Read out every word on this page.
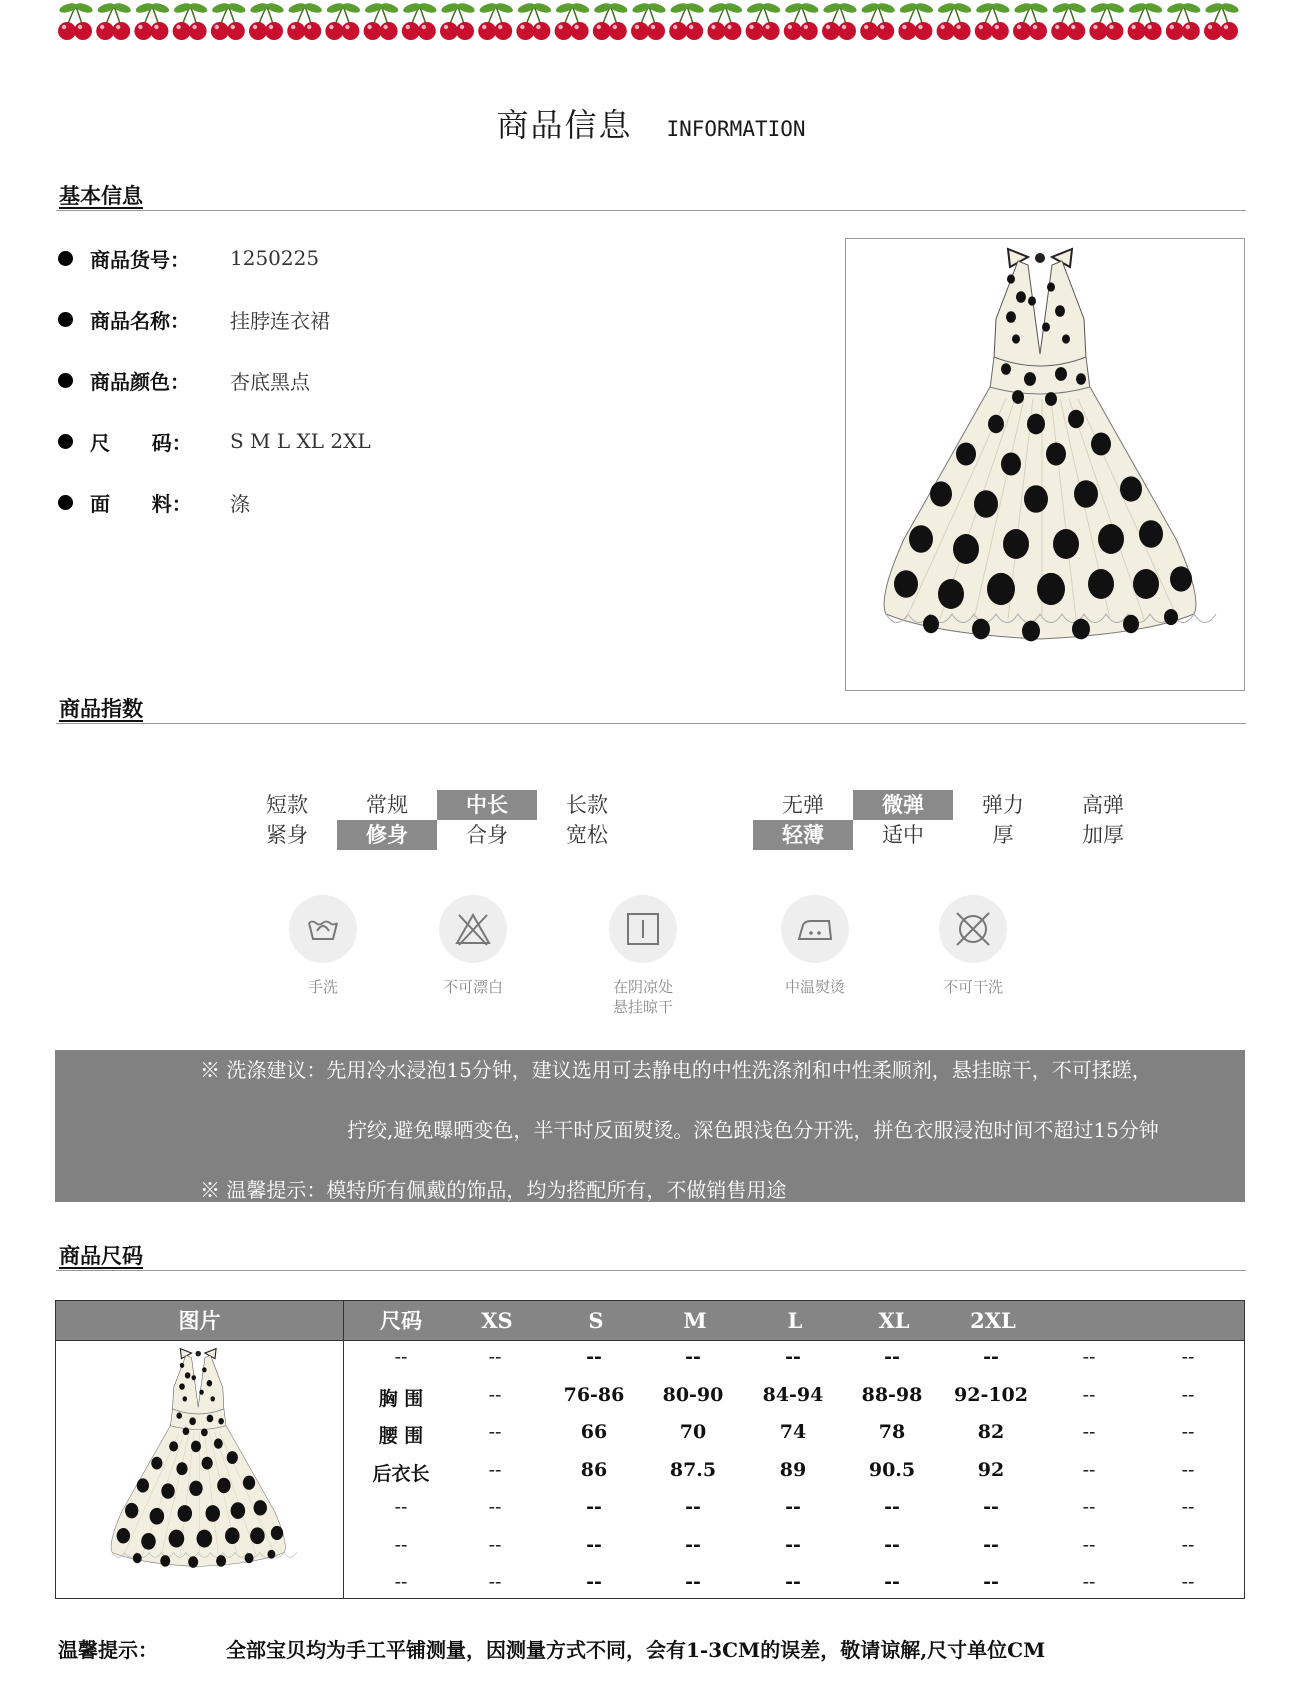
商品信息 INFORMATION
基本信息
商品货号：	1250225
商品名称：	挂脖连衣裙
商品颜色：	杏底黑点
尺      码：	S M L XL 2XL
面      料：	涤
商品指数
短款	常规	中长	长款
紧身	修身	合身	宽松
无弹	微弹	弹力	高弹
轻薄	适中	厚	加厚
手洗	不可漂白	在阴凉处
悬挂晾干
中温熨烫	不可干洗
※ 洗涤建议：先用冷水浸泡15分钟，建议选用可去静电的中性洗涤剂和中性柔顺剂，悬挂晾干，不可揉蹉，
拧绞,避免曝晒变色，半干时反面熨烫。深色跟浅色分开洗，拼色衣服浸泡时间不超过15分钟
※ 温馨提示：模特所有佩戴的饰品，均为搭配所有，不做销售用途
商品尺码
图片	尺码	XS	S	M	L	XL	2XL
--	--	--	--	--	--	--	--	--
胸 围	--	76-86	80-90	84-94	88-98	92-102	--	--
腰 围	--	66	70	74	78	82	--	--
后衣长	--	86	87.5	89	90.5	92	--	--
--	--	--	--	--	--	--	--	--
--	--	--	--	--	--	--	--	--
--	--	--	--	--	--	--	--	--
温馨提示：	全部宝贝均为手工平铺测量，因测量方式不同，会有1-3CM的误差，敬请谅解,尺寸单位CM
